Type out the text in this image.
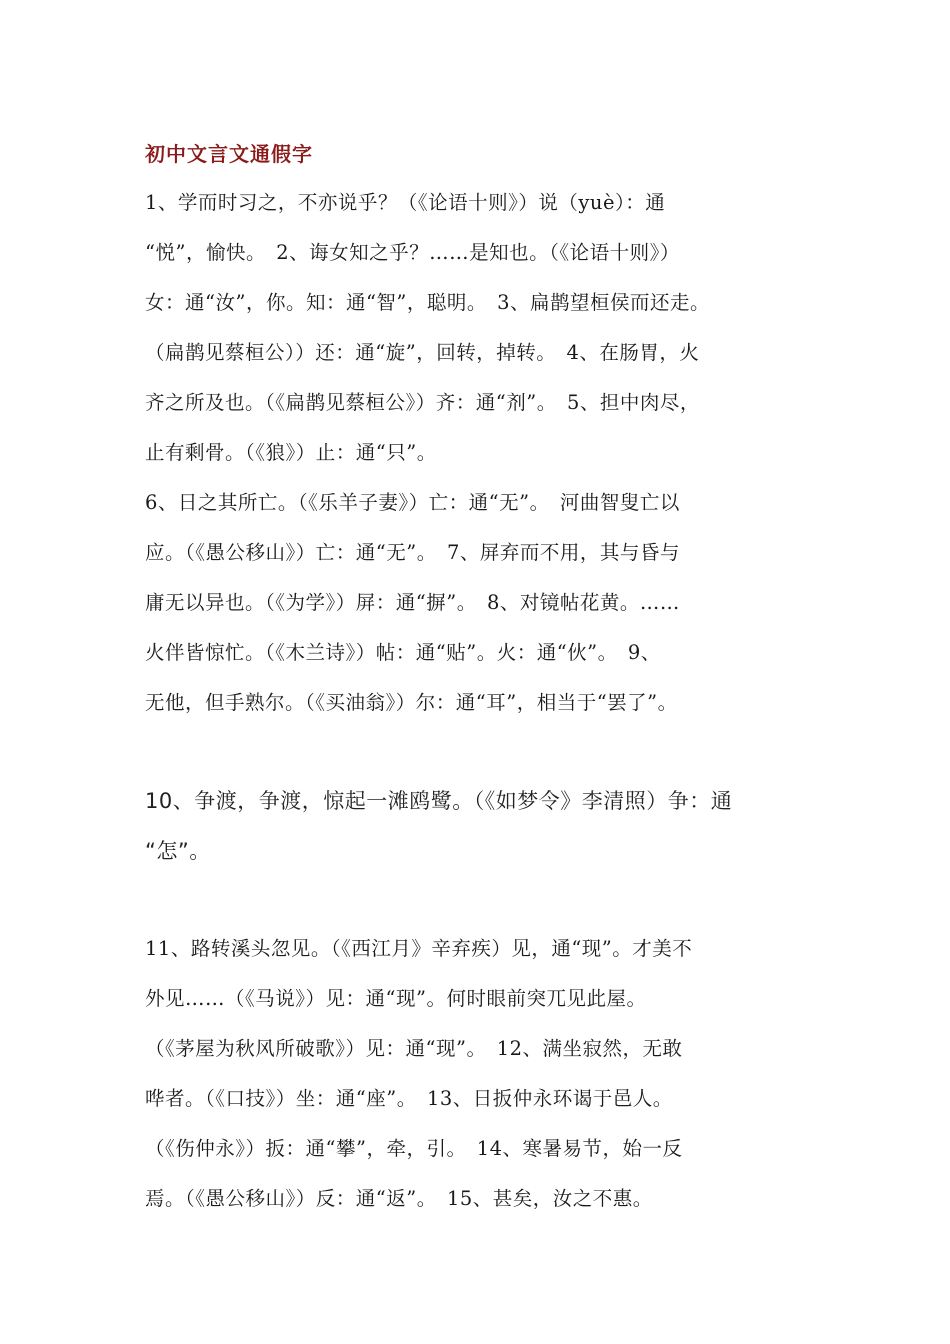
初中文言文通假字
1、学而时习之，不亦说乎？（《论语十则》）说（yuè）：通
“悦”，愉快。　2、诲女知之乎？……是知也。（《论语十则》）
女：通“汝”，你。知：通“智”，聪明。　3、扁鹊望桓侯而还走。
（扁鹊见蔡桓公））还：通“旋”，回转，掉转。　4、在肠胃，火
齐之所及也。（《扁鹊见蔡桓公》）齐：通“剂”。　5、担中肉尽，
止有剩骨。（《狼》）止：通“只”。
6、日之其所亡。（《乐羊子妻》）亡：通“无”。　河曲智叟亡以
应。（《愚公移山》）亡：通“无”。　7、屏弃而不用，其与昏与
庸无以异也。（《为学》）屏：通“摒”。　8、对镜帖花黄。……
火伴皆惊忙。（《木兰诗》）帖：通“贴”。火：通“伙”。　9、
无他，但手熟尔。（《买油翁》）尔：通“耳”，相当于“罢了”。
10、争渡，争渡，惊起一滩鸥鹭。（《如梦令》李清照）争：通
“怎”。
11、路转溪头忽见。（《西江月》辛弃疾）见，通“现”。才美不
外见……（《马说》）见：通“现”。何时眼前突兀见此屋。
（《茅屋为秋风所破歌》）见：通“现”。　12、满坐寂然，无敢
哗者。（《口技》）坐：通“座”。　13、日扳仲永环谒于邑人。
（《伤仲永》）扳：通“攀”，牵，引。　14、寒暑易节，始一反
焉。（《愚公移山》）反：通“返”。　15、甚矣，汝之不惠。
